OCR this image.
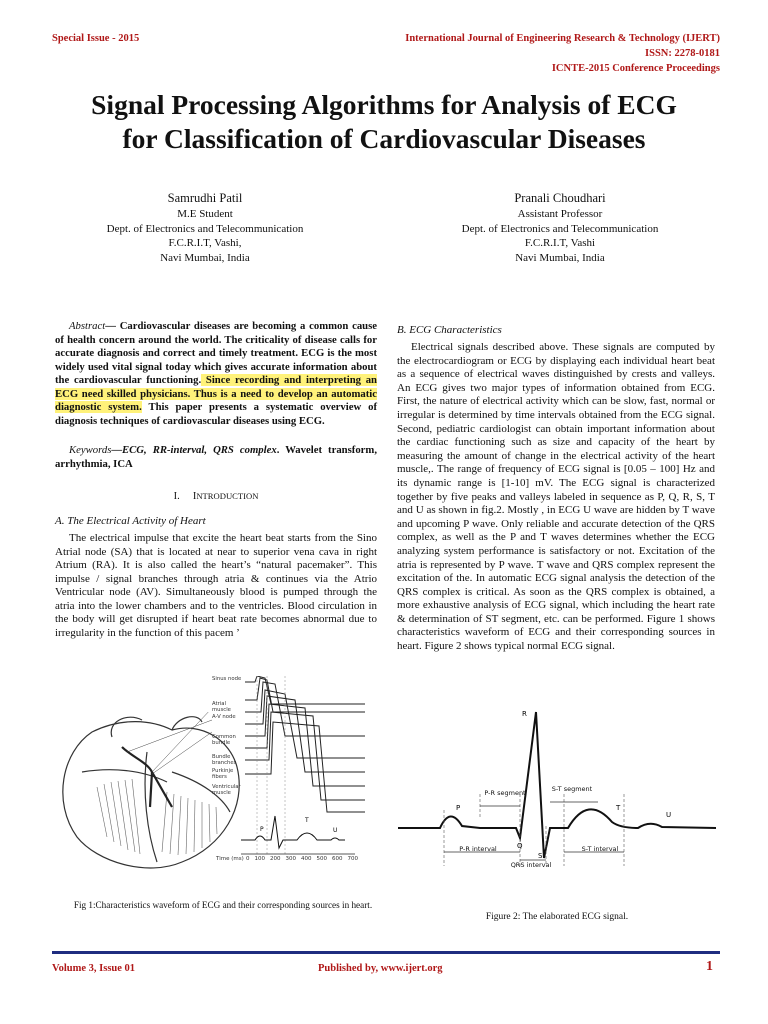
Special Issue - 2015	International Journal of Engineering Research & Technology (IJERT)
ISSN: 2278-0181
ICNTE-2015 Conference Proceedings
Signal Processing Algorithms for Analysis of ECG
for Classification of Cardiovascular Diseases
Samrudhi Patil
M.E Student
Dept. of Electronics and Telecommunication
F.C.R.I.T, Vashi,
Navi Mumbai, India
Pranali Choudhari
Assistant Professor
Dept. of Electronics and Telecommunication
F.C.R.I.T, Vashi
Navi Mumbai, India
Abstract— Cardiovascular diseases are becoming a common cause of health concern around the world. The criticality of disease calls for accurate diagnosis and correct and timely treatment. ECG is the most widely used vital signal today which gives accurate information about the cardiovascular functioning. Since recording and interpreting an ECG need skilled physicians. Thus is a need to develop an automatic diagnostic system. This paper presents a systematic overview of diagnosis techniques of cardiovascular diseases using ECG.
Keywords—ECG, RR-interval, QRS complex. Wavelet transform, arrhythmia, ICA
I. INTRODUCTION
A. The Electrical Activity of Heart
The electrical impulse that excite the heart beat starts from the Sino Atrial node (SA) that is located at near to superior vena cava in right Atrium (RA). It is also called the heart’s “natural pacemaker”. This impulse / signal branches through atria & continues via the Atrio Ventricular node (AV). Simultaneously blood is pumped through the atria into the lower chambers and to the ventricles. Blood circulation in the body will get disrupted if heart beat rate becomes abnormal due to irregularity in the function of this pacem ’
P
T
U
Sinus node
Atrial muscle
A-V node
Common bundle
Bundle branches
Purkinje fibers
Ventricular muscle
Time (ms) 0 100 200 300 400 500 600 700
Fig 1:Characteristics waveform of ECG and their corresponding sources in heart.
B. ECG Characteristics
Electrical signals described above. These signals are computed by the electrocardiogram or ECG by displaying each individual heart beat as a sequence of electrical waves distinguished by crests and valleys. An ECG gives two major types of information obtained from ECG. First, the nature of electrical activity which can be slow, fast, normal or irregular is determined by time intervals obtained from the ECG signal. Second, pediatric cardiologist can obtain important information about the cardiac functioning such as size and capacity of the heart by measuring the amount of change in the electrical activity of the heart muscle,. The range of frequency of ECG signal is [0.05 – 100] Hz and its dynamic range is [1-10] mV. The ECG signal is characterized together by five peaks and valleys labeled in sequence as P, Q, R, S, T and U as shown in fig.2. Mostly , in ECG U wave are hidden by T wave and upcoming P wave. Only reliable and accurate detection of the QRS complex, as well as the P and T waves determines whether the ECG analyzing system performance is satisfactory or not. Excitation of the atria is represented by P wave. T wave and QRS complex represent the excitation of the. In automatic ECG signal analysis the detection of the QRS complex is critical. As soon as the QRS complex is obtained, a more exhaustive analysis of ECG signal, which including the heart rate & determination of ST segment, etc. can be performed. Figure 1 shows characteristics waveform of ECG and their corresponding sources in heart. Figure 2 shows typical normal ECG signal.
R
P
Q
S
T
U
P-R segment	S-T segment
P-R interval
QRS interval
S-T interval
Figure 2: The elaborated ECG signal.
Volume 3, Issue 01	Published by, www.ijert.org	1
